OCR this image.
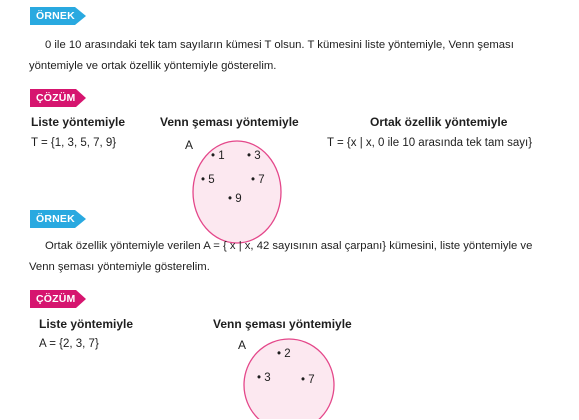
ÖRNEK
0 ile 10 arasındaki tek tam sayıların kümesi T olsun. T kümesini liste yöntemiyle, Venn şeması
yöntemiyle ve ortak özellik yöntemiyle gösterelim.
ÇÖZÜM
Liste yöntemiyle
T = {1, 3, 5, 7, 9}
Venn şeması yöntemiyle
A
• 1 • 3
• 5	• 7
• 9
Ortak özellik yöntemiyle
T = {x | x, 0 ile 10 arasında tek tam sayı}
ÖRNEK
Ortak özellik yöntemiyle verilen A = { x | x, 42 sayısının asal çarpanı} kümesini, liste yöntemiyle ve
Venn şeması yöntemiyle gösterelim.
ÇÖZÜM
Liste yöntemiyle
A = {2, 3, 7}
Venn şeması yöntemiyle
A
• 2
• 3	• 7
